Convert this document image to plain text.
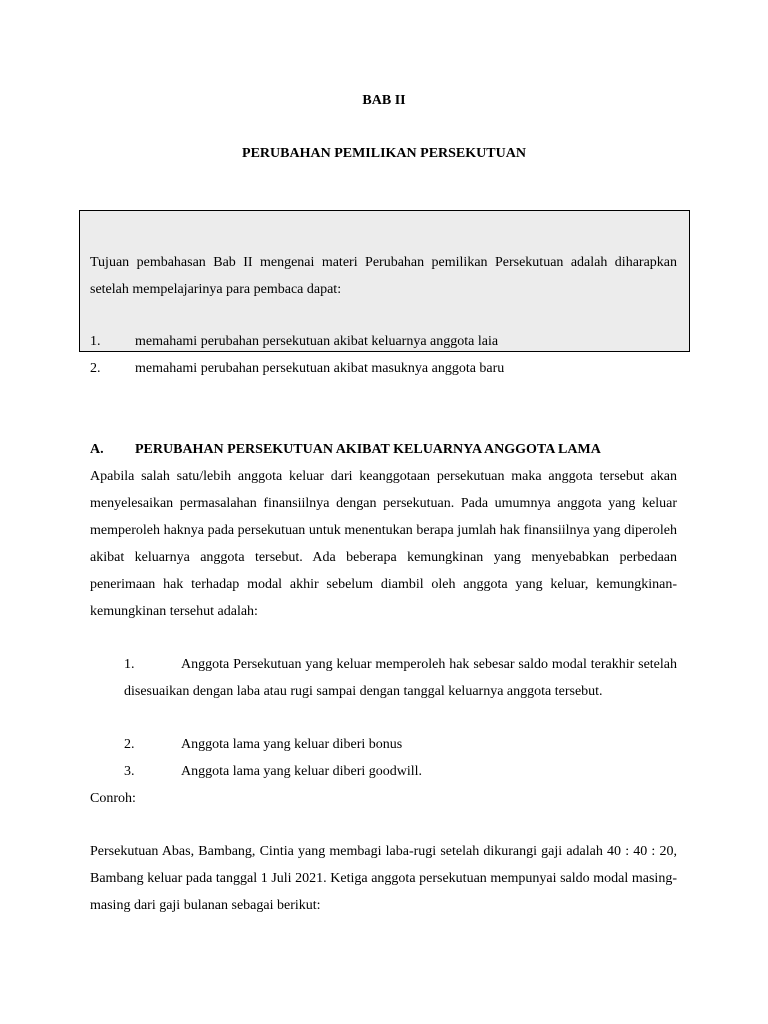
BAB II
PERUBAHAN PEMILIKAN PERSEKUTUAN
Tujuan pembahasan Bab II mengenai materi Perubahan pemilikan Persekutuan adalah diharapkan setelah mempelajarinya para pembaca dapat:
1. memahami perubahan persekutuan akibat keluarnya anggota laia
2. memahami perubahan persekutuan akibat masuknya anggota baru
A. PERUBAHAN PERSEKUTUAN AKIBAT KELUARNYA ANGGOTA LAMA
Apabila salah satu/lebih anggota keluar dari keanggotaan persekutuan maka anggota tersebut akan menyelesaikan permasalahan finansiilnya dengan persekutuan. Pada umumnya anggota yang keluar memperoleh haknya pada persekutuan untuk menentukan berapa jumlah hak finansiilnya yang diperoleh akibat keluarnya anggota tersebut. Ada beberapa kemungkinan yang menyebabkan perbedaan penerimaan hak terhadap modal akhir sebelum diambil oleh anggota yang keluar, kemungkinan-kemungkinan tersehut adalah:
1.	Anggota Persekutuan yang keluar memperoleh hak sebesar saldo modal terakhir setelah disesuaikan dengan laba atau rugi sampai dengan tanggal keluarnya anggota tersebut.
2.	Anggota lama yang keluar diberi bonus
3.	Anggota lama yang keluar diberi goodwill.
Conroh:
Persekutuan Abas, Bambang, Cintia yang membagi laba-rugi setelah dikurangi gaji adalah 40 : 40 : 20, Bambang keluar pada tanggal 1 Juli 2021. Ketiga anggota persekutuan mempunyai saldo modal masing-masing dari gaji bulanan sebagai berikut:
